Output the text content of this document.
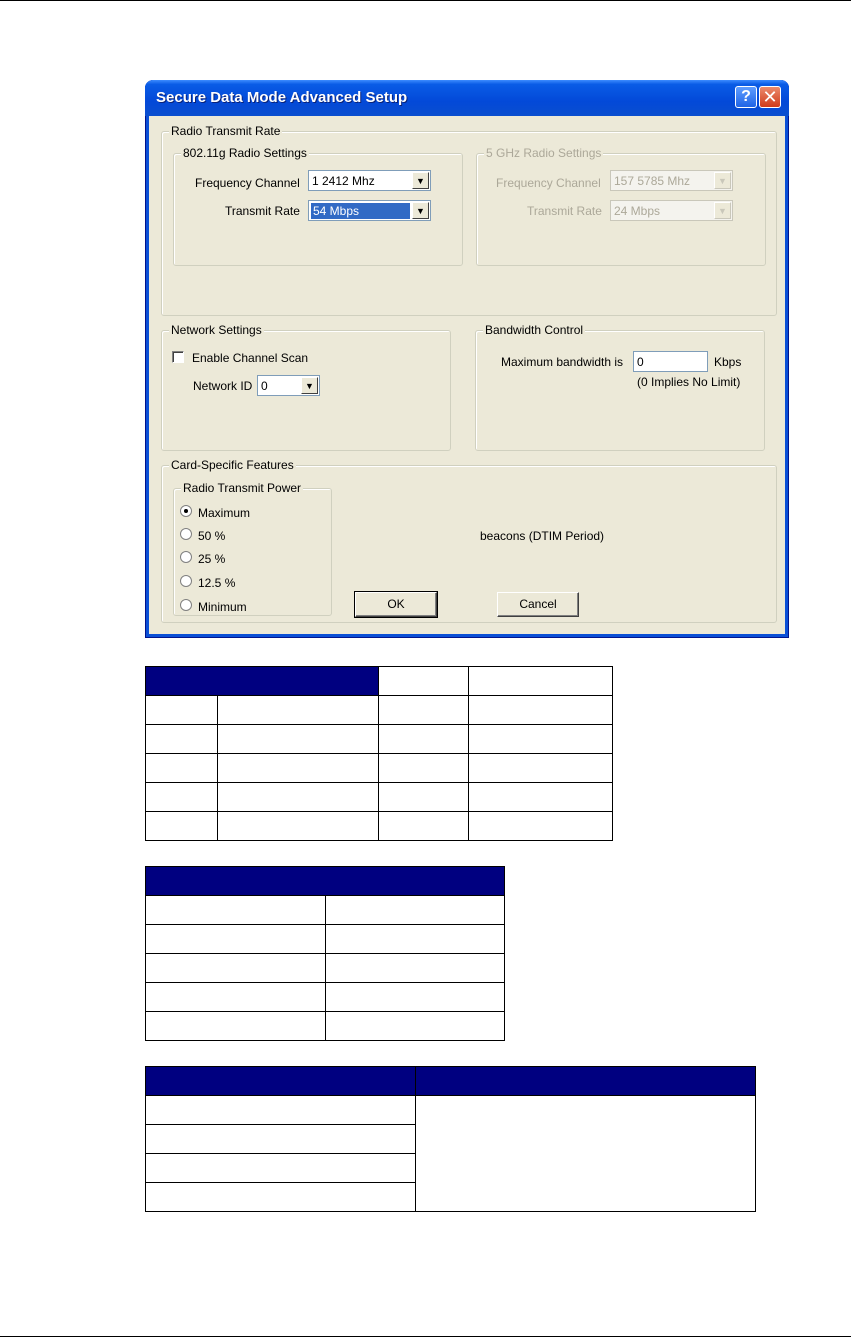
Secure Data Mode Advanced Setup	? ✕
Radio Transmit Rate
802.11g Radio Settings
Frequency Channel 1 2412 Mhz	▼
Transmit Rate 54 Mbps	▼
5 GHz Radio Settings
Frequency Channel 157 5785 Mhz	▼
Transmit Rate 24 Mbps	▼
Network Settings
Enable Channel Scan
Network ID 0	▼
Bandwidth Control
Maximum bandwidth is 0	Kbps
(0 Implies No Limit)
Card-Specific Features
Radio Transmit Power
Maximum
50 %
25 %
12.5 %
Minimum
beacons (DTIM Period)
OK	Cancel
